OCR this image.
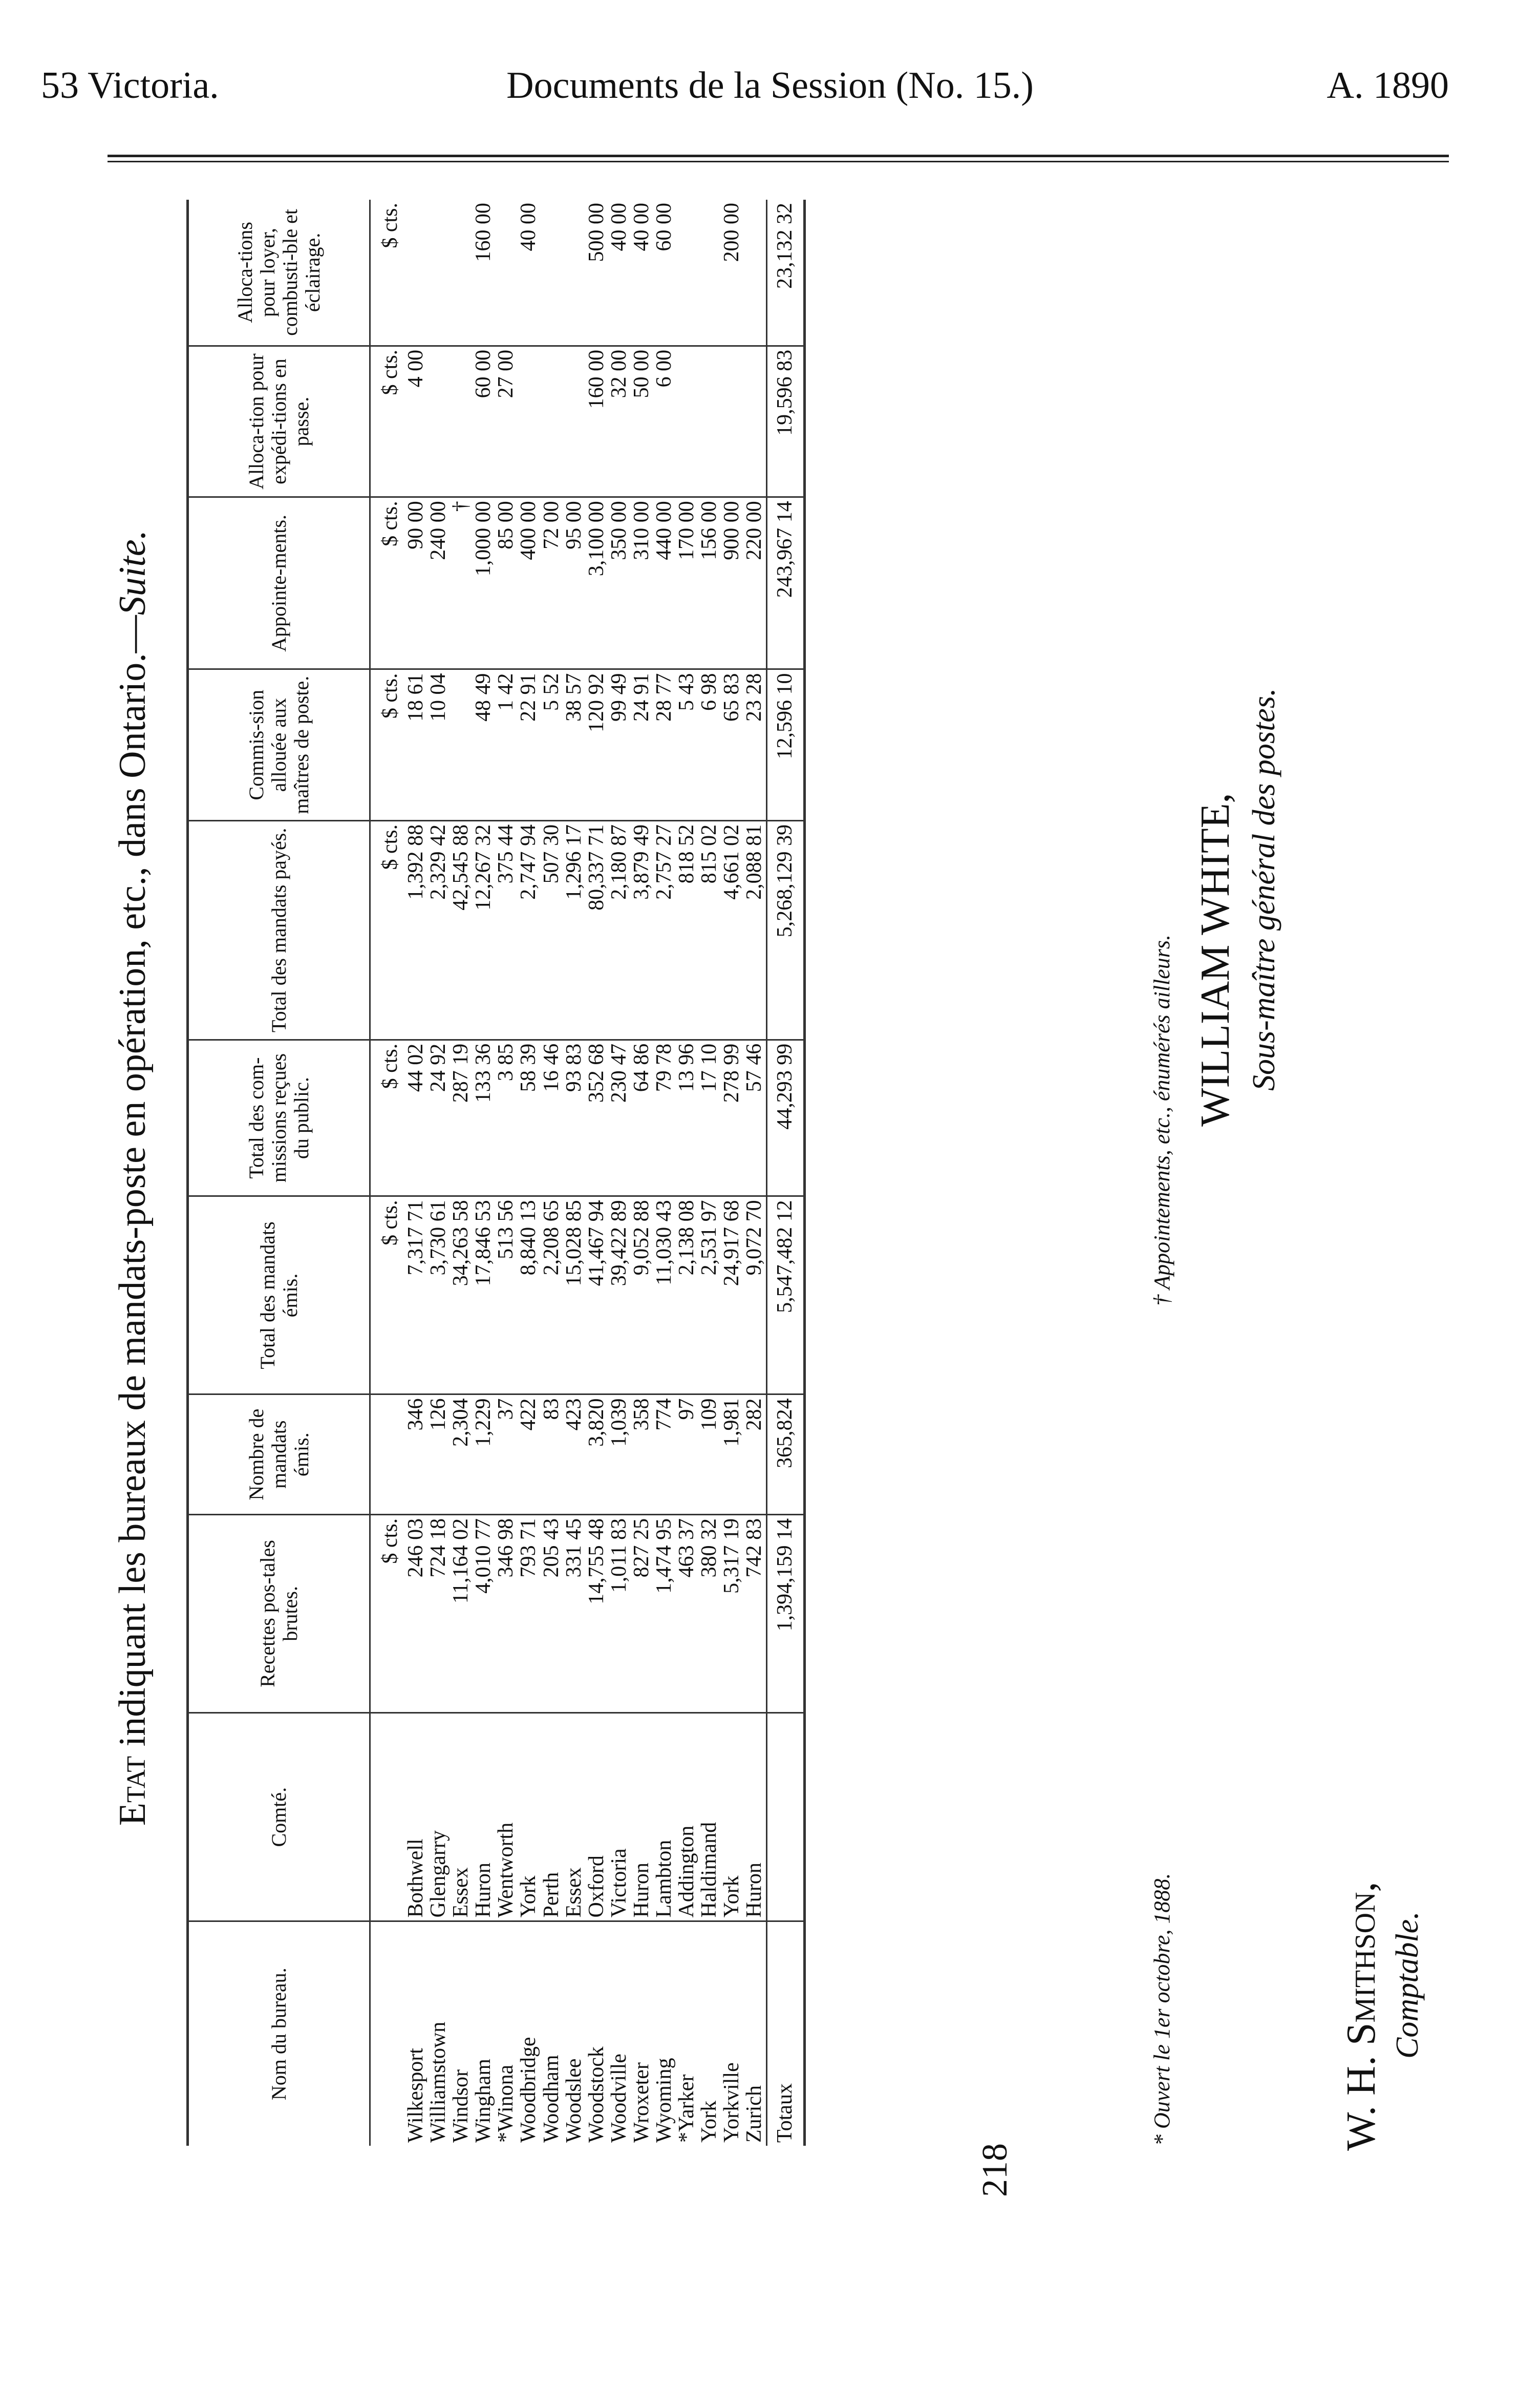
53 Victoria.	Documents de la Session (No. 15.)	A. 1890
Etat indiquant les bureaux de mandats-poste en opération, etc., dans Ontario.—Suite.
Nom du bureau.	Comté.	Recettes pos-tales brutes.	Nombre de mandats émis.	Total des mandats émis.	Total des com-missions reçues du public.	Total des mandats payés.	Commis-sion allouée aux maîtres de poste.	Appointe-ments.	Alloca-tion pour expédi-tions en passe.	Alloca-tions pour loyer, combusti-ble et éclairage.
		$ cts.		$ cts.	$ cts.	$ cts.	$ cts.	$ cts.	$ cts.	$ cts.
Wilkesport	Bothwell	246 03	346	7,317 71	44 02	1,392 88	18 61	90 00	4 00	
Williamstown	Glengarry	724 18	126	3,730 61	24 92	2,329 42	10 04	240 00		
Windsor	Essex	11,164 02	2,304	34,263 58	287 19	42,545 88		†		
Wingham	Huron	4,010 77	1,229	17,846 53	133 36	12,267 32	48 49	1,000 00	60 00	160 00
*Winona	Wentworth	346 98	37	513 56	3 85	375 44	1 42	85 00	27 00	
Woodbridge	York	793 71	422	8,840 13	58 39	2,747 94	22 91	400 00		40 00
Woodham	Perth	205 43	83	2,208 65	16 46	507 30	5 52	72 00		
Woodslee	Essex	331 45	423	15,028 85	93 83	1,296 17	38 57	95 00		
Woodstock	Oxford	14,755 48	3,820	41,467 94	352 68	80,337 71	120 92	3,100 00	160 00	500 00
Woodville	Victoria	1,011 83	1,039	39,422 89	230 47	2,180 87	99 49	350 00	32 00	40 00
Wroxeter	Huron	827 25	358	9,052 88	64 86	3,879 49	24 91	310 00	50 00	40 00
Wyoming	Lambton	1,474 95	774	11,030 43	79 78	2,757 27	28 77	440 00	6 00	60 00
*Yarker	Addington	463 37	97	2,138 08	13 96	818 52	5 43	170 00		
York	Haldimand	380 32	109	2,531 97	17 10	815 02	6 98	156 00		
Yorkville	York	5,317 19	1,981	24,917 68	278 99	4,661 02	65 83	900 00		200 00
Zurich	Huron	742 83	282	9,072 70	57 46	2,088 81	23 28	220 00		
Totaux		1,394,159 14	365,824	5,547,482 12	44,293 99	5,268,129 39	12,596 10	243,967 14	19,596 83	23,132 32
* Ouvert le 1er octobre, 1888.
† Appointements, etc., énumérés ailleurs.
218
WILLIAM WHITE, Sous-maître général des postes.
W. H. Smithson, Comptable.
